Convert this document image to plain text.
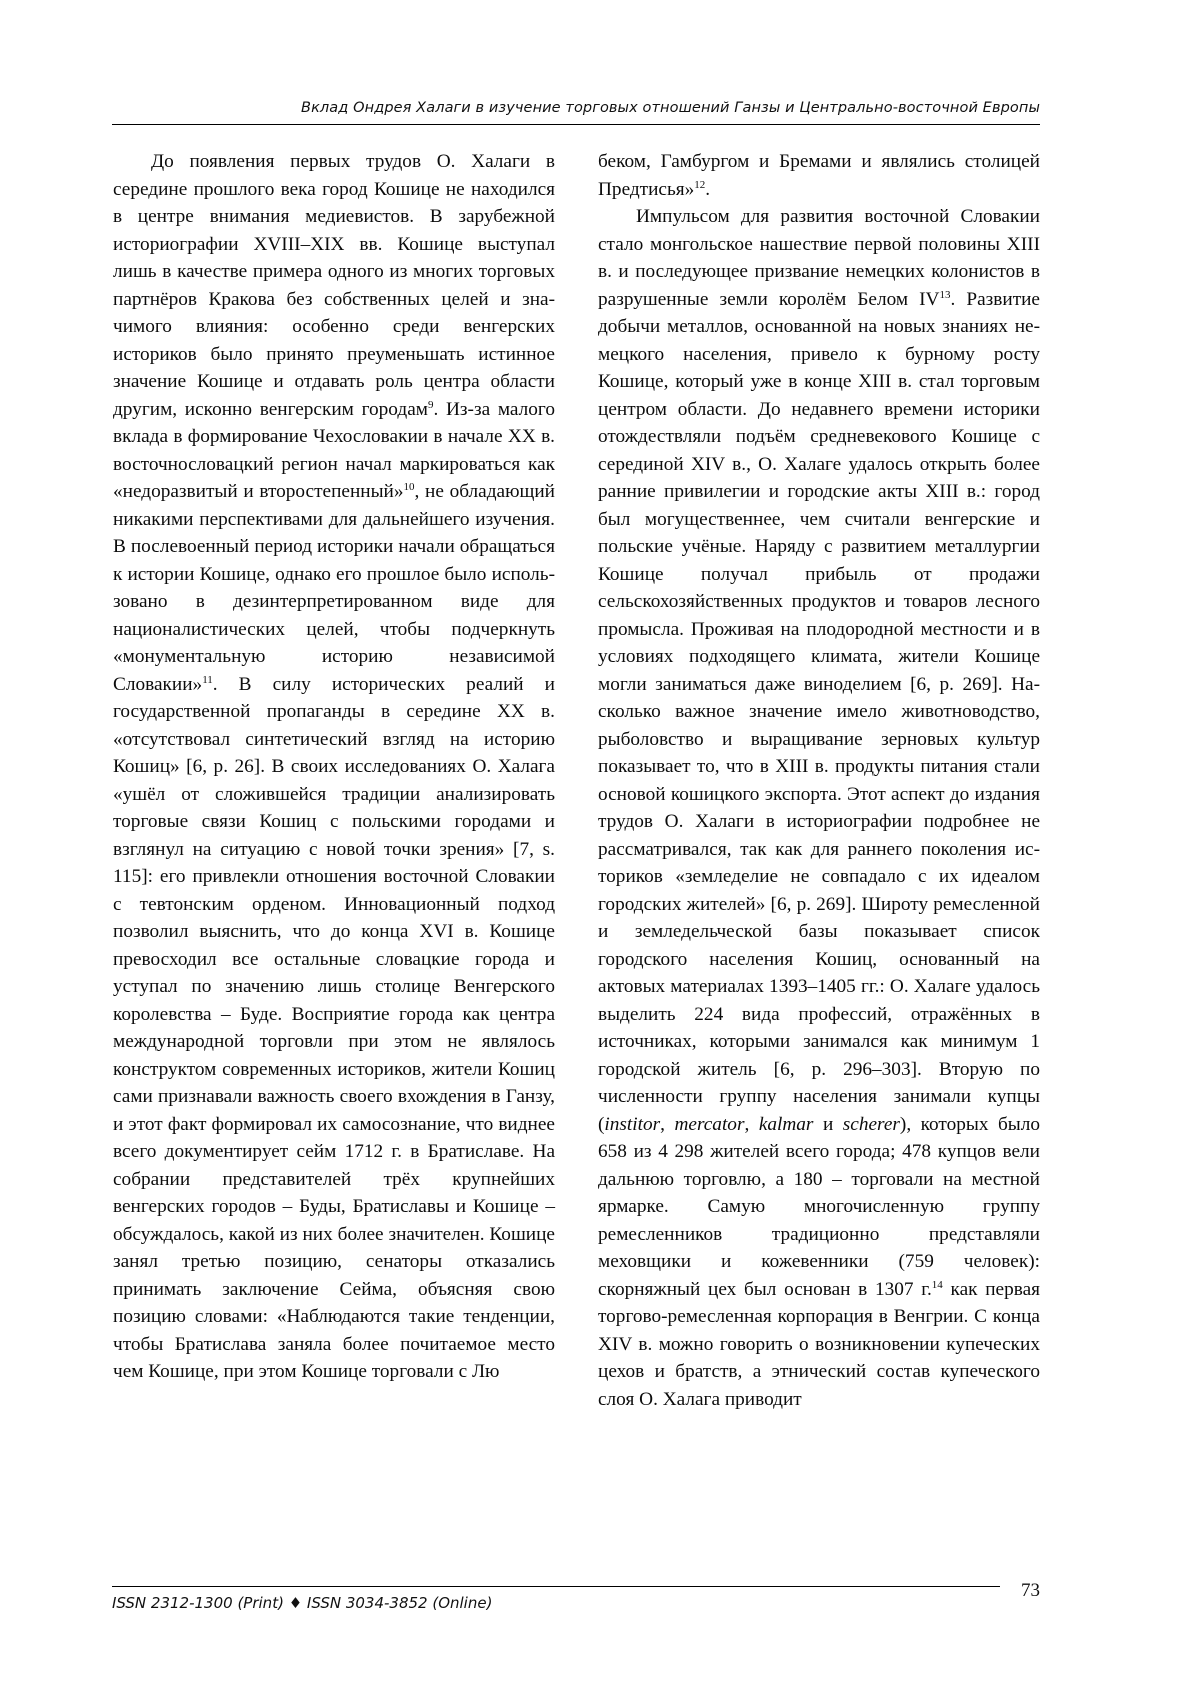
Вклад Ондрея Халаги в изучение торговых отношений Ганзы и Центрально-восточной Европы

До появления первых трудов О. Халаги в середине прошлого века город Кошице не находился в центре внимания медиевистов. В зарубежной историографии XVIII–XIX вв. Кошице выступал лишь в качестве примера одного из многих торговых партнёров Кракова без собственных целей и значимого влияния: особенно среди венгерских историков было принято преуменьшать истинное значение Кошице и отдавать роль центра области другим, исконно венгерским городам$^9$. Из-за малого вклада в формирование Чехословакии в начале XX в. восточнословацкий регион начал маркироваться как «недоразвитый и второстепенный»$^{10}$, не обладающий никакими перспективами для дальнейшего изучения. В послевоенный период историки начали обращаться к истории Кошице, однако его прошлое было использовано в дезинтерпретированном виде для националистических целей, чтобы подчеркнуть «монументальную историю независимой Словакии»$^{11}$. В силу исторических реалий и государственной пропаганды в середине XX в. «отсутствовал синтетический взгляд на историю Кошиц» [6, p. 26]. В своих исследованиях О. Халага «ушёл от сложившейся традиции анализировать торговые связи Кошиц с польскими городами и взглянул на ситуацию с новой точки зрения» [7, s. 115]: его привлекли отношения восточной Словакии с тевтонским орденом. Инновационный подход позволил выяснить, что до конца XVI в. Кошице превосходил все остальные словацкие города и уступал по значению лишь столице Венгерского королевства – Буде. Восприятие города как центра международной торговли при этом не являлось конструктом современных историков, жители Кошиц сами признавали важность своего вхождения в Ганзу, и этот факт формировал их самосознание, что виднее всего документирует сейм 1712 г. в Братиславе. На собрании представителей трёх крупнейших венгерских городов – Буды, Братиславы и Кошице – обсуждалось, какой из них более значителен. Кошице занял третью позицию, сенаторы отказались принимать заключение Сейма, объясняя свою позицию словами: «Наблюдаются такие тенденции, чтобы Братислава заняла более почитаемое место чем Кошице, при этом Кошице торговали с Лю

беком, Гамбургом и Бремами и являлись столицей Предтисья»$^{12}$.

Импульсом для развития восточной Словакии стало монгольское нашествие первой половины XIII в. и последующее призвание немецких колонистов в разрушенные земли королём Белом IV$^{13}$. Развитие добычи металлов, основанной на новых знаниях немецкого населения, привело к бурному росту Кошице, который уже в конце XIII в. стал торговым центром области. До недавнего времени историки отождествляли подъём средневекового Кошице с серединой XIV в., О. Халаге удалось открыть более ранние привилегии и городские акты XIII в.: город был могущественнее, чем считали венгерские и польские учёные. Наряду с развитием металлургии Кошице получал прибыль от продажи сельскохозяйственных продуктов и товаров лесного промысла. Проживая на плодородной местности и в условиях подходящего климата, жители Кошице могли заниматься даже виноделием [6, p. 269]. Насколько важное значение имело животноводство, рыболовство и выращивание зерновых культур показывает то, что в XIII в. продукты питания стали основой кошицкого экспорта. Этот аспект до издания трудов О. Халаги в историографии подробнее не рассматривался, так как для раннего поколения историков «земледелие не совпадало с их идеалом городских жителей» [6, p. 269]. Широту ремесленной и земледельческой базы показывает список городского населения Кошиц, основанный на актовых материалах 1393–1405 гг.: О. Халаге удалось выделить 224 вида профессий, отражённых в источниках, которыми занимался как минимум 1 городской житель [6, p. 296–303]. Вторую по численности группу населения занимали купцы (institor, mercator, kalmar и scherer), которых было 658 из 4 298 жителей всего города; 478 купцов вели дальнюю торговлю, а 180 – торговали на местной ярмарке. Самую многочисленную группу ремесленников традиционно представляли меховщики и кожевенники (759 человек): скорняжный цех был основан в 1307 г.$^{14}$ как первая торгово-ремесленная корпорация в Венгрии. С конца XIV в. можно говорить о возникновении купеческих цехов и братств, а этнический состав купеческого слоя О. Халага приводит

ISSN 2312-1300 (Print) ♦ ISSN 3034-3852 (Online)
73
